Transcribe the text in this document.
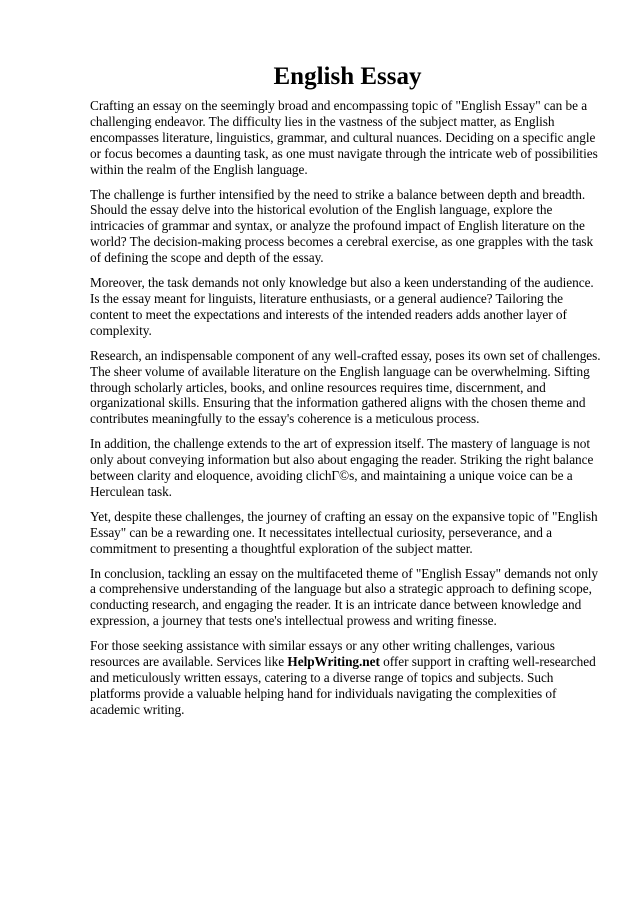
English Essay

Crafting an essay on the seemingly broad and encompassing topic of "English Essay" can be a challenging endeavor. The difficulty lies in the vastness of the subject matter, as English encompasses literature, linguistics, grammar, and cultural nuances. Deciding on a specific angle or focus becomes a daunting task, as one must navigate through the intricate web of possibilities within the realm of the English language.

The challenge is further intensified by the need to strike a balance between depth and breadth. Should the essay delve into the historical evolution of the English language, explore the intricacies of grammar and syntax, or analyze the profound impact of English literature on the world? The decision-making process becomes a cerebral exercise, as one grapples with the task of defining the scope and depth of the essay.

Moreover, the task demands not only knowledge but also a keen understanding of the audience. Is the essay meant for linguists, literature enthusiasts, or a general audience? Tailoring the content to meet the expectations and interests of the intended readers adds another layer of complexity.

Research, an indispensable component of any well-crafted essay, poses its own set of challenges. The sheer volume of available literature on the English language can be overwhelming. Sifting through scholarly articles, books, and online resources requires time, discernment, and organizational skills. Ensuring that the information gathered aligns with the chosen theme and contributes meaningfully to the essay's coherence is a meticulous process.

In addition, the challenge extends to the art of expression itself. The mastery of language is not only about conveying information but also about engaging the reader. Striking the right balance between clarity and eloquence, avoiding clichГ©s, and maintaining a unique voice can be a Herculean task.

Yet, despite these challenges, the journey of crafting an essay on the expansive topic of "English Essay" can be a rewarding one. It necessitates intellectual curiosity, perseverance, and a commitment to presenting a thoughtful exploration of the subject matter.

In conclusion, tackling an essay on the multifaceted theme of "English Essay" demands not only a comprehensive understanding of the language but also a strategic approach to defining scope, conducting research, and engaging the reader. It is an intricate dance between knowledge and expression, a journey that tests one's intellectual prowess and writing finesse.

For those seeking assistance with similar essays or any other writing challenges, various resources are available. Services like HelpWriting.net offer support in crafting well-researched and meticulously written essays, catering to a diverse range of topics and subjects. Such platforms provide a valuable helping hand for individuals navigating the complexities of academic writing.
